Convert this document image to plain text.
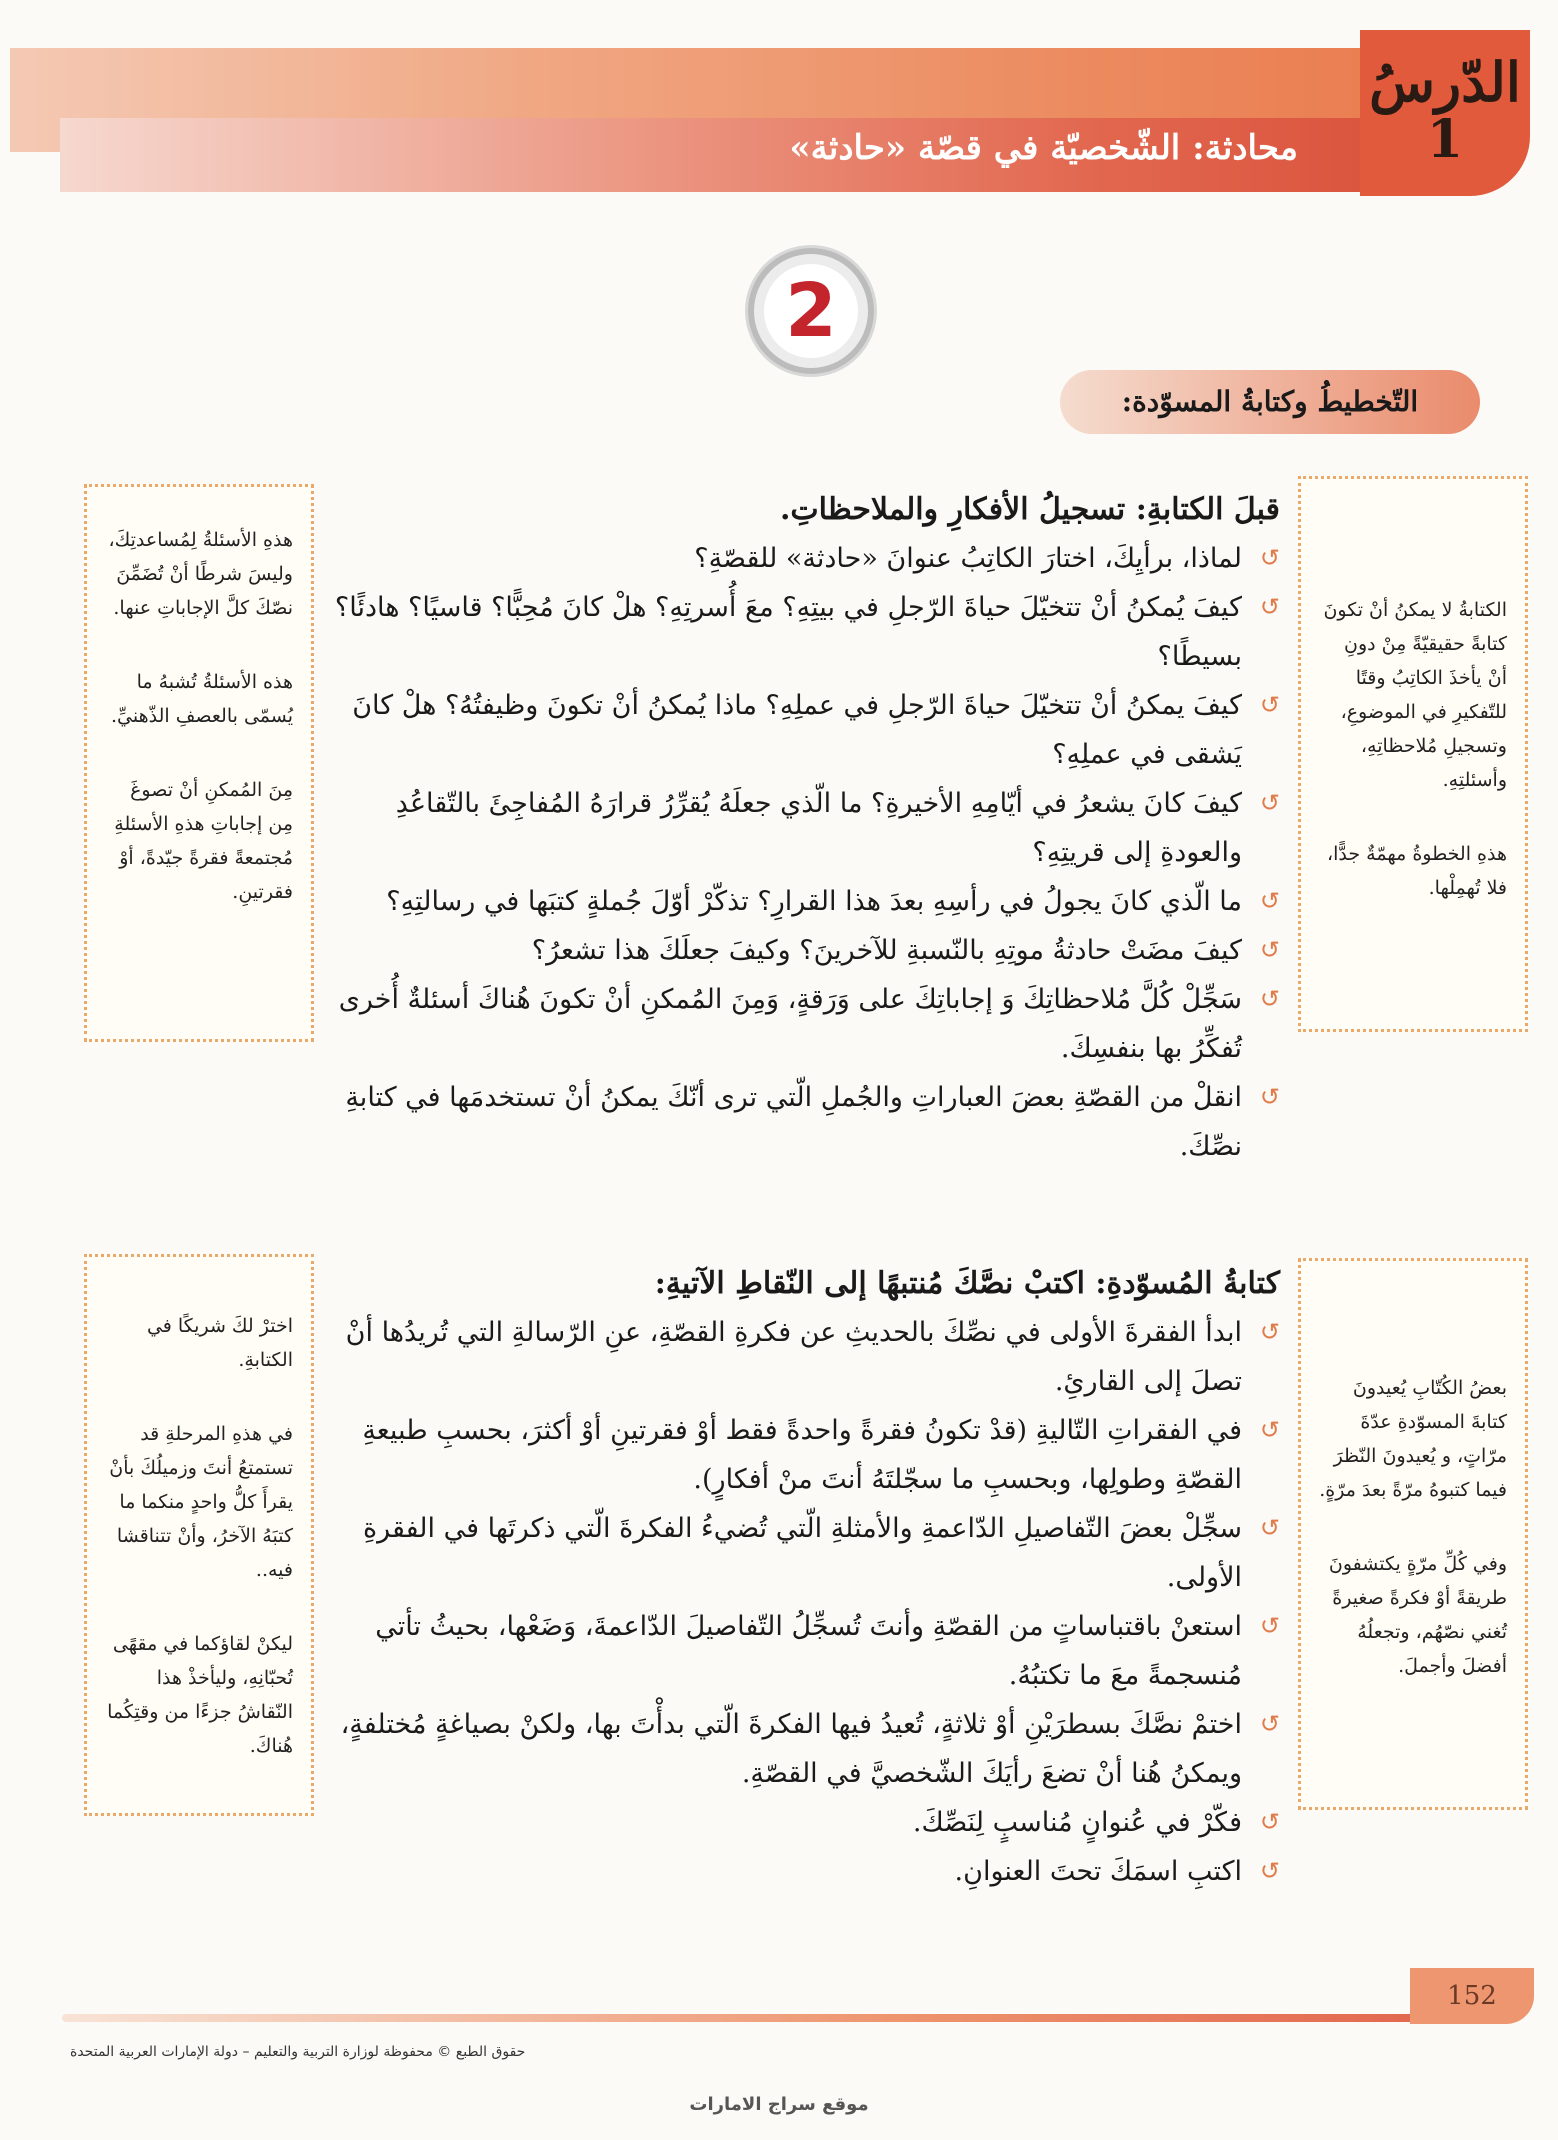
محادثة: الشّخصيّة في قصّة «حادثة»
الدّرسُ
1
2
التّخطيطُ وكتابةُ المسوّدة:

الكتابةُ لا يمكنُ أنْ تكونَ كتابةً حقيقيّةً مِنْ دونِ أنْ يأخذَ الكاتِبُ وقتًا للتّفكيرِ في الموضوعِ، وتسجيلِ مُلاحظاتِهِ، وأسئلتِهِ.

هذهِ الخطوةُ مهمّةٌ جدًّا، فلا تُهمِلْها.

هذهِ الأسئلةُ لِمُساعدتِكَ، وليسَ شرطًا أنْ تُضَمِّنَ نصّكَ كلَّ الإجاباتِ عنها.

هذه الأسئلةُ تُشبهُ ما يُسمّى بالعصفِ الذّهنيِّ.

مِنَ المُمكنِ أنْ تصوغَ مِن إجاباتِ هذهِ الأسئلةِ مُجتمعةً فقرةً جيّدةً، أوْ فقرتينِ.

قبلَ الكتابةِ: تسجيلُ الأفكارِ والملاحظاتِ.
↺
لماذا، برأيِكَ، اختارَ الكاتِبُ عنوانَ «حادثة» للقصّةِ؟
↺
كيفَ يُمكنُ أنْ تتخيّلَ حياةَ الرّجلِ في بيتِهِ؟ معَ أُسرتِهِ؟ هلْ كانَ مُحِبًّا؟ قاسيًا؟ هادئًا؟ بسيطًا؟
↺
كيفَ يمكنُ أنْ تتخيّلَ حياةَ الرّجلِ في عملِهِ؟ ماذا يُمكنُ أنْ تكونَ وظيفتُهُ؟ هلْ كانَ يَشقى في عملِهِ؟
↺
كيفَ كانَ يشعرُ في أيّامِهِ الأخيرةِ؟ ما الّذي جعلَهُ يُقرِّرُ قرارَهُ المُفاجِئَ بالتّقاعُدِ والعودةِ إلى قريتِهِ؟
↺
ما الّذي كانَ يجولُ في رأسِهِ بعدَ هذا القرارِ؟ تذكّرْ أوّلَ جُملةٍ كتبَها في رسالتِهِ؟
↺
كيفَ مضَتْ حادثةُ موتِهِ بالنّسبةِ للآخرينَ؟ وكيفَ جعلَكَ هذا تشعرُ؟
↺
سَجِّلْ كُلَّ مُلاحظاتِكَ وَ إجاباتِكَ على وَرَقةٍ، وَمِنَ المُمكنِ أنْ تكونَ هُناكَ أسئلةٌ أُخرى تُفكِّرُ بها بنفسِكَ.
↺
انقلْ من القصّةِ بعضَ العباراتِ والجُملِ الّتي ترى أنّكَ يمكنُ أنْ تستخدمَها في كتابةِ نصِّكَ.

بعضُ الكُتّابِ يُعيدونَ كتابةَ المسوّدةِ عدّةَ مرّاتٍ، و يُعيدونَ النّظرَ فيما كتبوهُ مرّةً بعدَ مرّةٍ.

وفي كُلِّ مرّةٍ يكتشفونَ طريقةً أوْ فكرةً صغيرةً تُغني نصّهُم، وتجعلُهُ أفضلَ وأجملَ.

اخترْ لكَ شريكًا في الكتابةِ.

في هذهِ المرحلةِ قد تستمتعُ أنتَ وزميلُكَ بأنْ يقرأَ كلُّ واحدٍ منكما ما كتبَهُ الآخرُ، وأنْ تتناقشا فيه..

ليكنْ لقاؤكما في مقهًى تُحبّانِهِ، وليأخذْ هذا النّقاشُ جزءًا من وقتِكُما هُناكَ.

كتابةُ المُسوّدةِ: اكتبْ نصَّكَ مُنتبهًا إلى النّقاطِ الآتيةِ:
↺
ابدأ الفقرةَ الأولى في نصِّكَ بالحديثِ عن فكرةِ القصّةِ، عنِ الرّسالةِ التي تُريدُها أنْ تصلَ إلى القارئِ.
↺
في الفقراتِ التّاليةِ (قدْ تكونُ فقرةً واحدةً فقط أوْ فقرتينِ أوْ أكثرَ، بحسبِ طبيعةِ القصّةِ وطولِها، وبحسبِ ما سجّلتَهُ أنتَ منْ أفكارٍ).
↺
سجِّلْ بعضَ التّفاصيلِ الدّاعمةِ والأمثلةِ الّتي تُضيءُ الفكرةَ الّتي ذكرتَها في الفقرةِ الأولى.
↺
استعنْ باقتباساتٍ من القصّةِ وأنتَ تُسجِّلُ التّفاصيلَ الدّاعمةَ، وَضَعْها، بحيثُ تأتي مُنسجمةً معَ ما تكتبُهُ.
↺
اختمْ نصَّكَ بسطرَيْنِ أوْ ثلاثةٍ، تُعيدُ فيها الفكرةَ الّتي بدأْتَ بها، ولكنْ بصياغةٍ مُختلفةٍ، ويمكنُ هُنا أنْ تضعَ رأيَكَ الشّخصيَّ في القصّةِ.
↺
فكّرْ في عُنوانٍ مُناسبٍ لِنَصِّكَ.
↺
اكتبِ اسمَكَ تحتَ العنوانِ.
152
حقوق الطبع © محفوظة لوزارة التربية والتعليم – دولة الإمارات العربية المتحدة
موقع سراج الامارات
